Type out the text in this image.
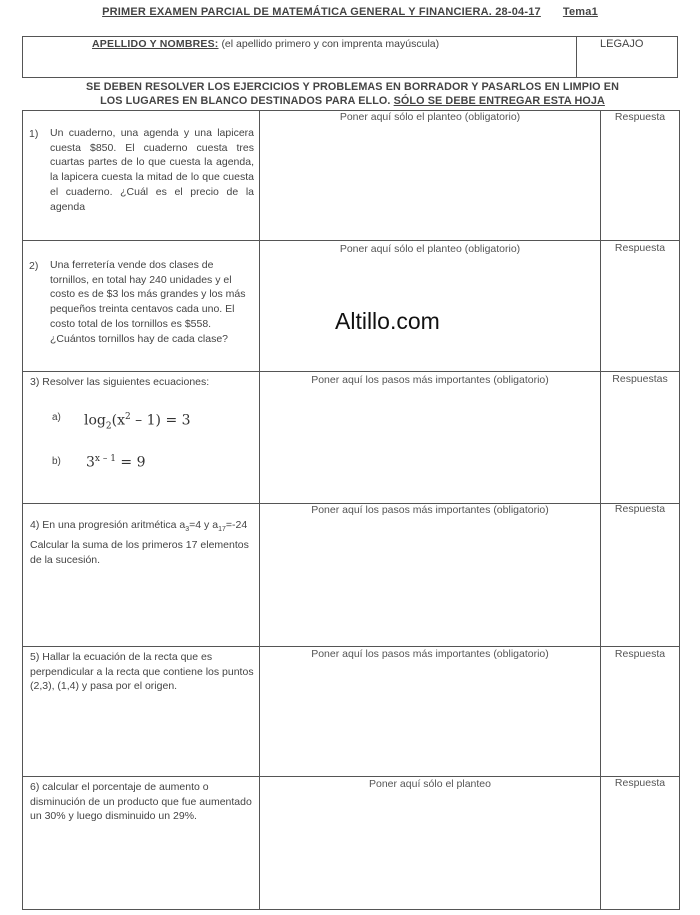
PRIMER EXAMEN PARCIAL DE MATEMÁTICA GENERAL Y FINANCIERA. 28-04-17 Tema1
APELLIDO Y NOMBRES: (el apellido primero y con imprenta mayúscula)	LEGAJO
SE DEBEN RESOLVER LOS EJERCICIOS Y PROBLEMAS EN BORRADOR Y PASARLOS EN LIMPIO EN
LOS LUGARES EN BLANCO DESTINADOS PARA ELLO. SÓLO SE DEBE ENTREGAR ESTA HOJA
1) Un cuaderno, una agenda y una lapicera cuesta $850. El cuaderno cuesta tres cuartas partes de lo que cuesta la agenda, la lapicera cuesta la mitad de lo que cuesta el cuaderno. ¿Cuál es el precio de la agenda
Poner aquí sólo el planteo (obligatorio)	Respuesta
2) Una ferretería vende dos clases de tornillos, en total hay 240 unidades y el costo es de $3 los más grandes y los más pequeños treinta centavos cada uno. El costo total de los tornillos es $558. ¿Cuántos tornillos hay de cada clase?
Poner aquí sólo el planteo (obligatorio)	Respuesta
Altillo.com
3) Resolver las siguientes ecuaciones:
a) $\log_2(x^2 - 1) = 3$
b) $3^{x - 1} = 9$
Poner aquí los pasos más importantes (obligatorio)	Respuestas
4) En una progresión aritmética $a_3=4$ y $a_{17}=-24$ Calcular la suma de los primeros 17 elementos de la sucesión.
Poner aquí los pasos más importantes (obligatorio)	Respuesta
5) Hallar la ecuación de la recta que es perpendicular a la recta que contiene los puntos (2,3), (1,4) y pasa por el origen.
Poner aquí los pasos más importantes (obligatorio)	Respuesta
6) calcular el porcentaje de aumento o disminución de un producto que fue aumentado un 30% y luego disminuido un 29%.
Poner aquí sólo el planteo	Respuesta
